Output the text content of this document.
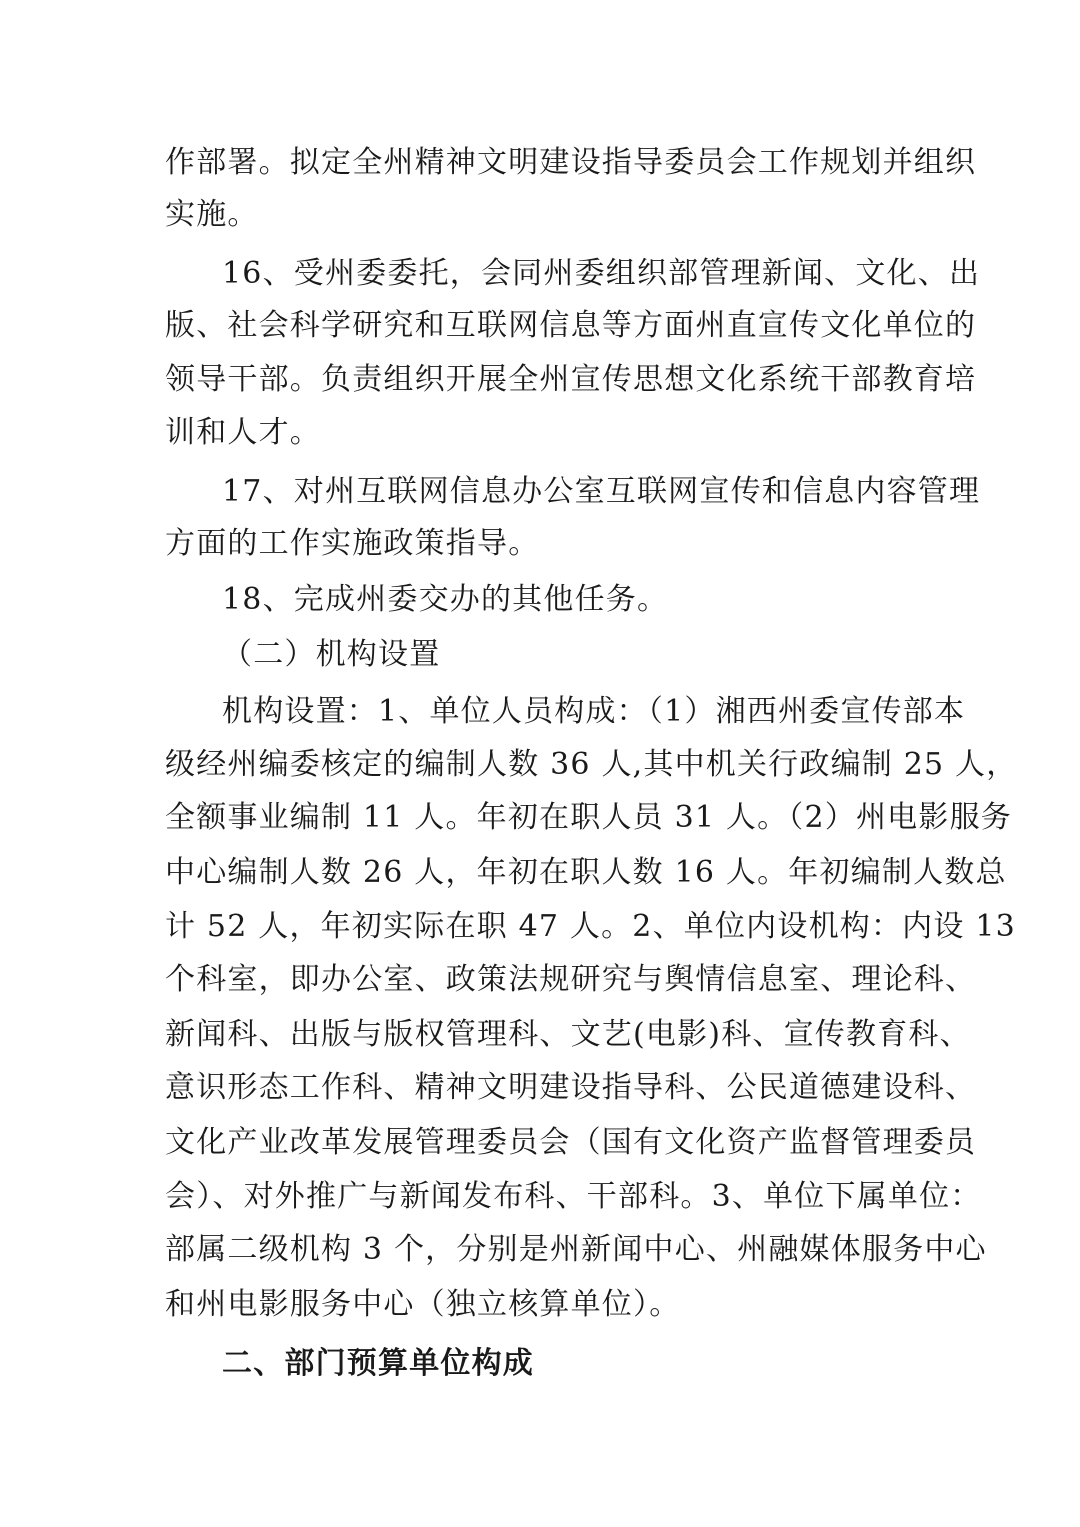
作部署。拟定全州精神文明建设指导委员会工作规划并组织
实施。
16、受州委委托，会同州委组织部管理新闻、文化、出
版、社会科学研究和互联网信息等方面州直宣传文化单位的
领导干部。负责组织开展全州宣传思想文化系统干部教育培
训和人才。
17、对州互联网信息办公室互联网宣传和信息内容管理
方面的工作实施政策指导。
18、完成州委交办的其他任务。
（二）机构设置
机构设置：1、单位人员构成：（1）湘西州委宣传部本
级经州编委核定的编制人数 36 人,其中机关行政编制 25 人，
全额事业编制 11 人。年初在职人员 31 人。（2）州电影服务
中心编制人数 26 人，年初在职人数 16 人。年初编制人数总
计 52 人，年初实际在职 47 人。2、单位内设机构：内设 13
个科室，即办公室、政策法规研究与舆情信息室、理论科、
新闻科、出版与版权管理科、文艺(电影)科、宣传教育科、
意识形态工作科、精神文明建设指导科、公民道德建设科、
文化产业改革发展管理委员会（国有文化资产监督管理委员
会）、对外推广与新闻发布科、干部科。3、单位下属单位：
部属二级机构 3 个，分别是州新闻中心、州融媒体服务中心
和州电影服务中心（独立核算单位）。
二、部门预算单位构成
